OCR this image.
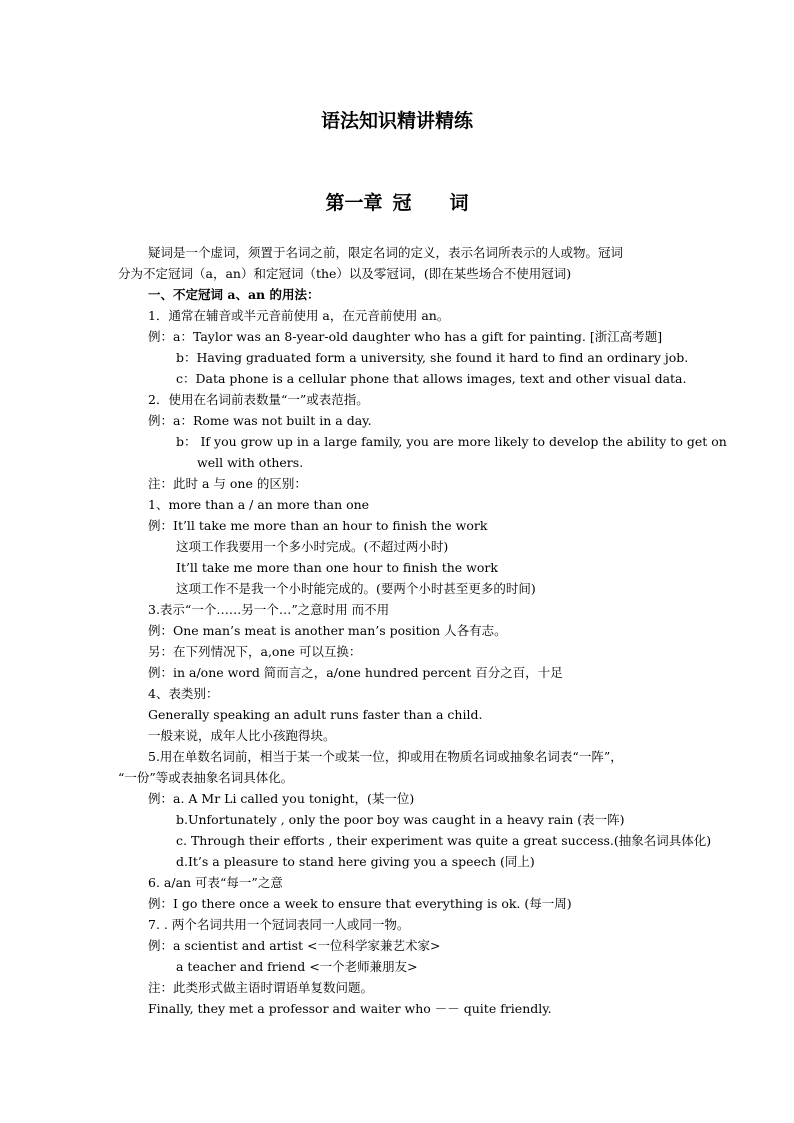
语法知识精讲精练
第一章 冠 词

疑词是一个虚词，须置于名词之前，限定名词的定义，表示名词所表示的人或物。冠词

分为不定冠词（a，an）和定冠词（the）以及零冠词，(即在某些场合不使用冠词)

一、不定冠词 a、an 的用法：

1．通常在辅音或半元音前使用 a，在元音前使用 an。

例：a：Taylor was an 8-year-old daughter who has a gift for painting. [浙江高考题]

b：Having graduated form a university, she found it hard to find an ordinary job.

c：Data phone is a cellular phone that allows images, text and other visual data.

2．使用在名词前表数量“一”或表范指。

例：a：Rome was not built in a day.

b： If you grow up in a large family, you are more likely to develop the ability to get on

well with others.

注：此时 a 与 one 的区别：

1、more than a / an more than one

例：It’ll take me more than an hour to finish the work

这项工作我要用一个多小时完成。(不超过两小时)

It’ll take me more than one hour to finish the work

这项工作不是我一个小时能完成的。(要两个小时甚至更多的时间)

3.表示“一个……另一个…”之意时用 而不用

例：One man’s meat is another man’s position 人各有志。

另：在下列情况下，a,one 可以互换：

例：in a/one word 简而言之，a/one hundred percent 百分之百，十足

4、表类别：

Generally speaking an adult runs faster than a child.

一般来说，成年人比小孩跑得块。

5.用在单数名词前，相当于某一个或某一位，抑或用在物质名词或抽象名词表“一阵”，

“一份”等或表抽象名词具体化。

例：a. A Mr Li called you tonight，(某一位)

b.Unfortunately , only the poor boy was caught in a heavy rain (表一阵)

c. Through their efforts , their experiment was quite a great success.(抽象名词具体化)

d.It’s a pleasure to stand here giving you a speech (同上)

6. a/an 可表“每一”之意

例：I go there once a week to ensure that everything is ok. (每一周)

7. . 两个名词共用一个冠词表同一人或同一物。

例：a scientist and artist <一位科学家兼艺术家>

a teacher and friend <一个老师兼朋友>

注：此类形式做主语时谓语单复数问题。

Finally, they met a professor and waiter who －－ quite friendly.
